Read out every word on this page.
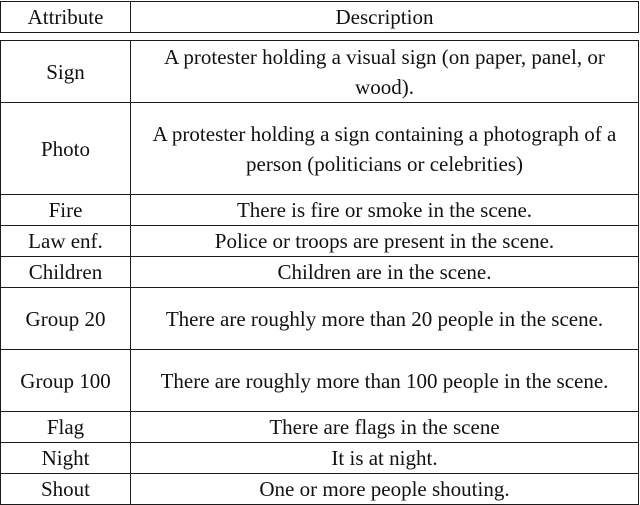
Attribute	Description
Sign	A protester holding a visual sign (on paper, panel, or wood).
Photo	A protester holding a sign containing a photograph of a person (politicians or celebrities)
Fire	There is fire or smoke in the scene.
Law enf.	Police or troops are present in the scene.
Children	Children are in the scene.
Group 20	There are roughly more than 20 people in the scene.
Group 100	There are roughly more than 100 people in the scene.
Flag	There are flags in the scene
Night	It is at night.
Shout	One or more people shouting.
